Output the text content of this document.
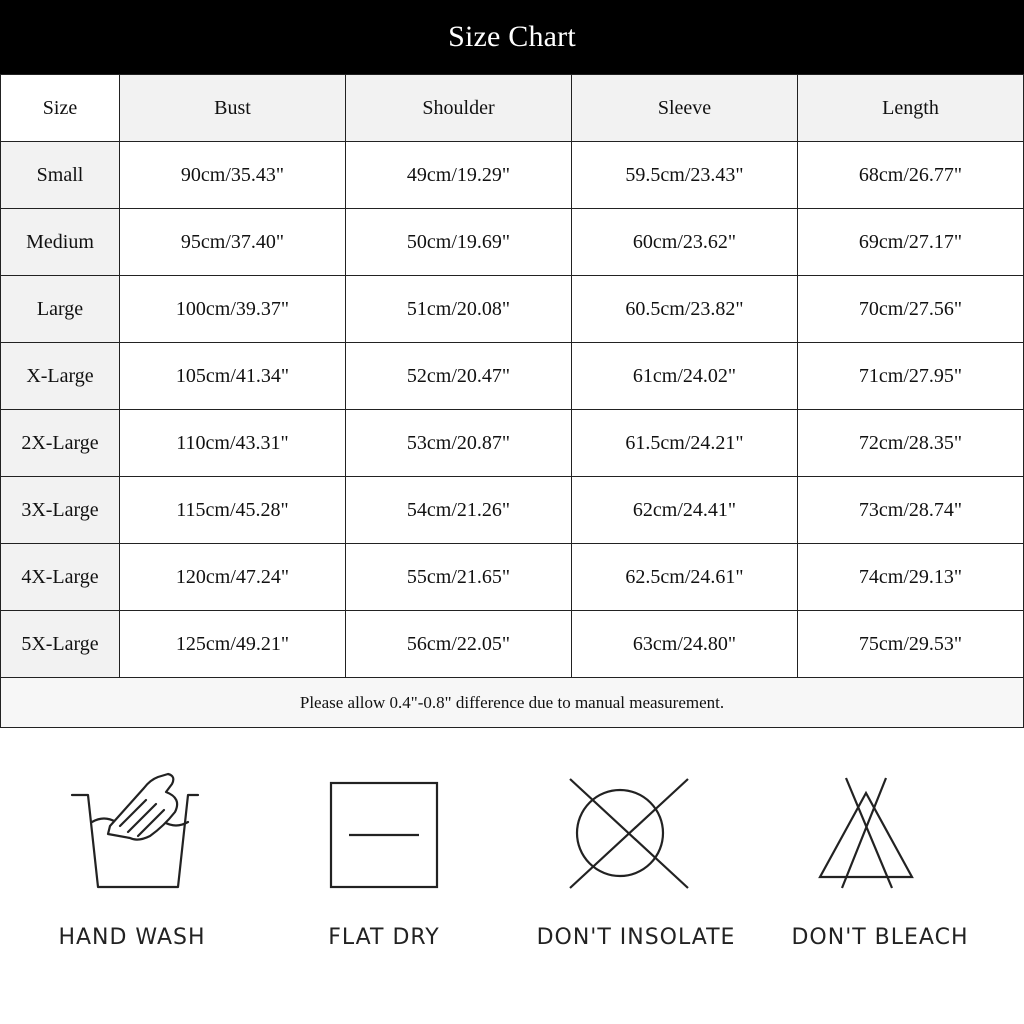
Size Chart
Size	Bust	Shoulder	Sleeve	Length
Small	90cm/35.43"	49cm/19.29"	59.5cm/23.43"	68cm/26.77"
Medium	95cm/37.40"	50cm/19.69"	60cm/23.62"	69cm/27.17"
Large	100cm/39.37"	51cm/20.08"	60.5cm/23.82"	70cm/27.56"
X-Large	105cm/41.34"	52cm/20.47"	61cm/24.02"	71cm/27.95"
2X-Large	110cm/43.31"	53cm/20.87"	61.5cm/24.21"	72cm/28.35"
3X-Large	115cm/45.28"	54cm/21.26"	62cm/24.41"	73cm/28.74"
4X-Large	120cm/47.24"	55cm/21.65"	62.5cm/24.61"	74cm/29.13"
5X-Large	125cm/49.21"	56cm/22.05"	63cm/24.80"	75cm/29.53"
Please allow 0.4"-0.8" difference due to manual measurement.				
HAND WASH	FLAT DRY	DON'T INSOLATE	DON'T BLEACH
